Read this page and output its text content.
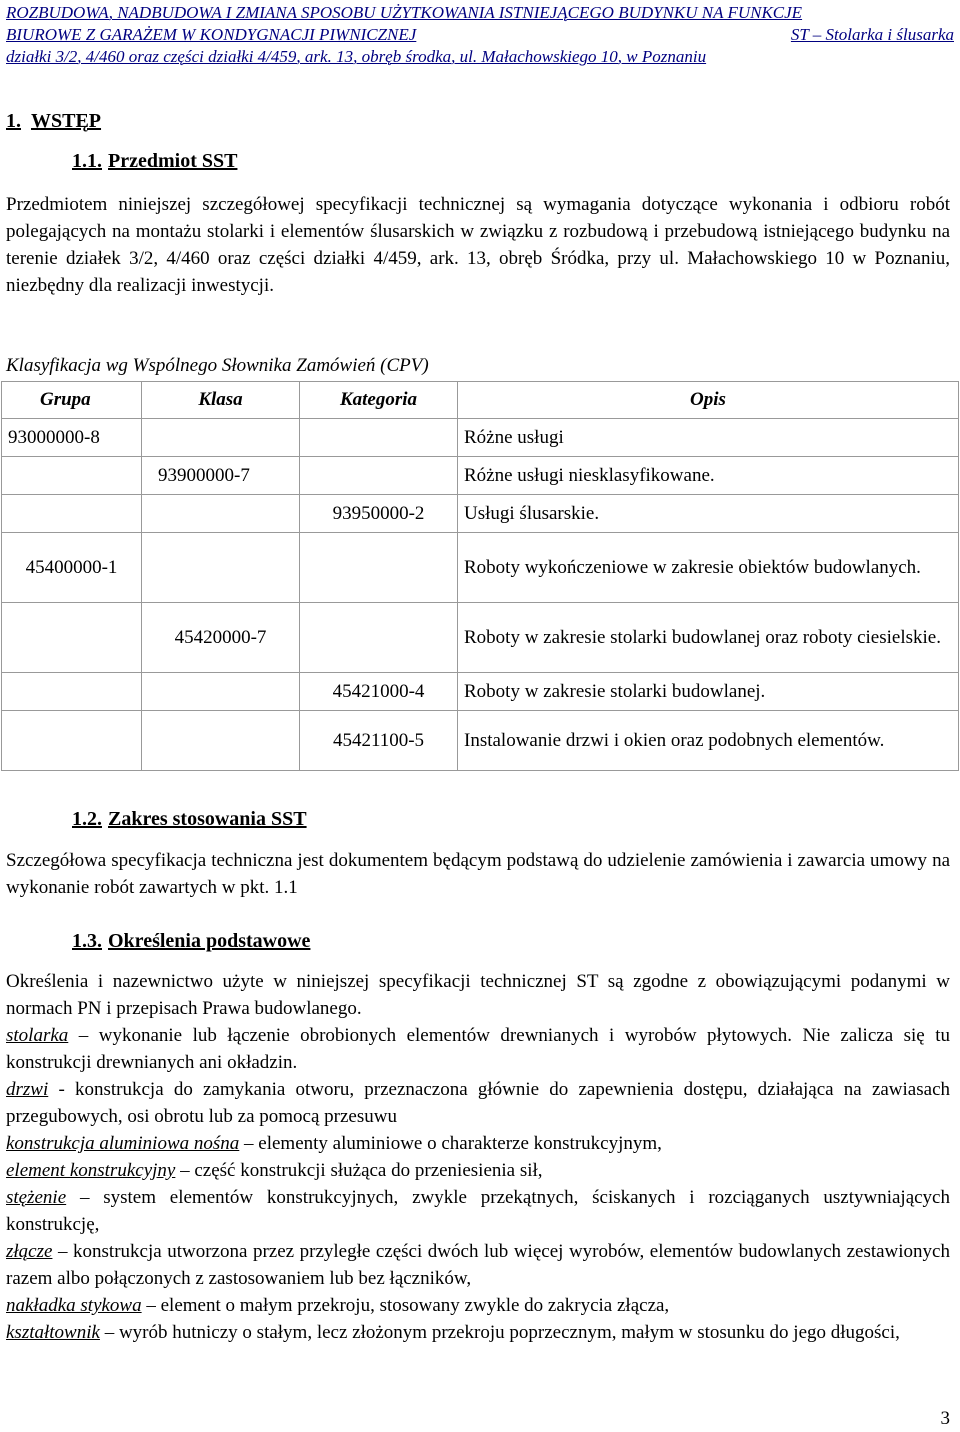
ROZBUDOWA, NADBUDOWA I ZMIANA SPOSOBU UŻYTKOWANIA ISTNIEJĄCEGO BUDYNKU NA FUNKCJE
BIUROWE Z GARAŻEM W KONDYGNACJI PIWNICZNEJ	ST – Stolarka i ślusarka
działki 3/2, 4/460 oraz części działki 4/459, ark. 13, obręb środka, ul. Małachowskiego 10, w Poznaniu
1. WSTĘP
1.1. Przedmiot SST
Przedmiotem niniejszej szczegółowej specyfikacji technicznej są wymagania dotyczące wykonania i odbioru robót polegających na montażu stolarki i elementów ślusarskich w związku z rozbudową i przebudową istniejącego budynku na terenie działek 3/2, 4/460 oraz części działki 4/459, ark. 13, obręb Śródka, przy ul. Małachowskiego 10 w Poznaniu, niezbędny dla realizacji inwestycji.
Klasyfikacja wg Wspólnego Słownika Zamówień (CPV)
Grupa	Klasa	Kategoria	Opis
93000000-8			Różne usługi
	93900000-7		Różne usługi niesklasyfikowane.
		93950000-2	Usługi ślusarskie.
45400000-1			Roboty wykończeniowe w zakresie obiektów budowlanych.
	45420000-7		Roboty w zakresie stolarki budowlanej oraz roboty ciesielskie.
		45421000-4	Roboty w zakresie stolarki budowlanej.
		45421100-5	Instalowanie drzwi i okien oraz podobnych elementów.
1.2. Zakres stosowania SST
Szczegółowa specyfikacja techniczna jest dokumentem będącym podstawą do udzielenie zamówienia i zawarcia umowy na wykonanie robót zawartych w pkt. 1.1
1.3. Określenia podstawowe

Określenia i nazewnictwo użyte w niniejszej specyfikacji technicznej ST są zgodne z obowiązującymi podanymi w normach PN i przepisach Prawa budowlanego.

stolarka – wykonanie lub łączenie obrobionych elementów drewnianych i wyrobów płytowych. Nie zalicza się tu konstrukcji drewnianych ani okładzin.

drzwi - konstrukcja do zamykania otworu, przeznaczona głównie do zapewnienia dostępu, działająca na zawiasach przegubowych, osi obrotu lub za pomocą przesuwu

konstrukcja aluminiowa nośna – elementy aluminiowe o charakterze konstrukcyjnym,

element konstrukcyjny – część konstrukcji służąca do przeniesienia sił,

stężenie – system elementów konstrukcyjnych, zwykle przekątnych, ściskanych i rozciąganych usztywniających konstrukcję,

złącze – konstrukcja utworzona przez przyległe części dwóch lub więcej wyrobów, elementów budowlanych zestawionych razem albo połączonych z zastosowaniem lub bez łączników,

nakładka stykowa – element o małym przekroju, stosowany zwykle do zakrycia złącza,

kształtownik – wyrób hutniczy o stałym, lecz złożonym przekroju poprzecznym, małym w stosunku do jego długości,

3
